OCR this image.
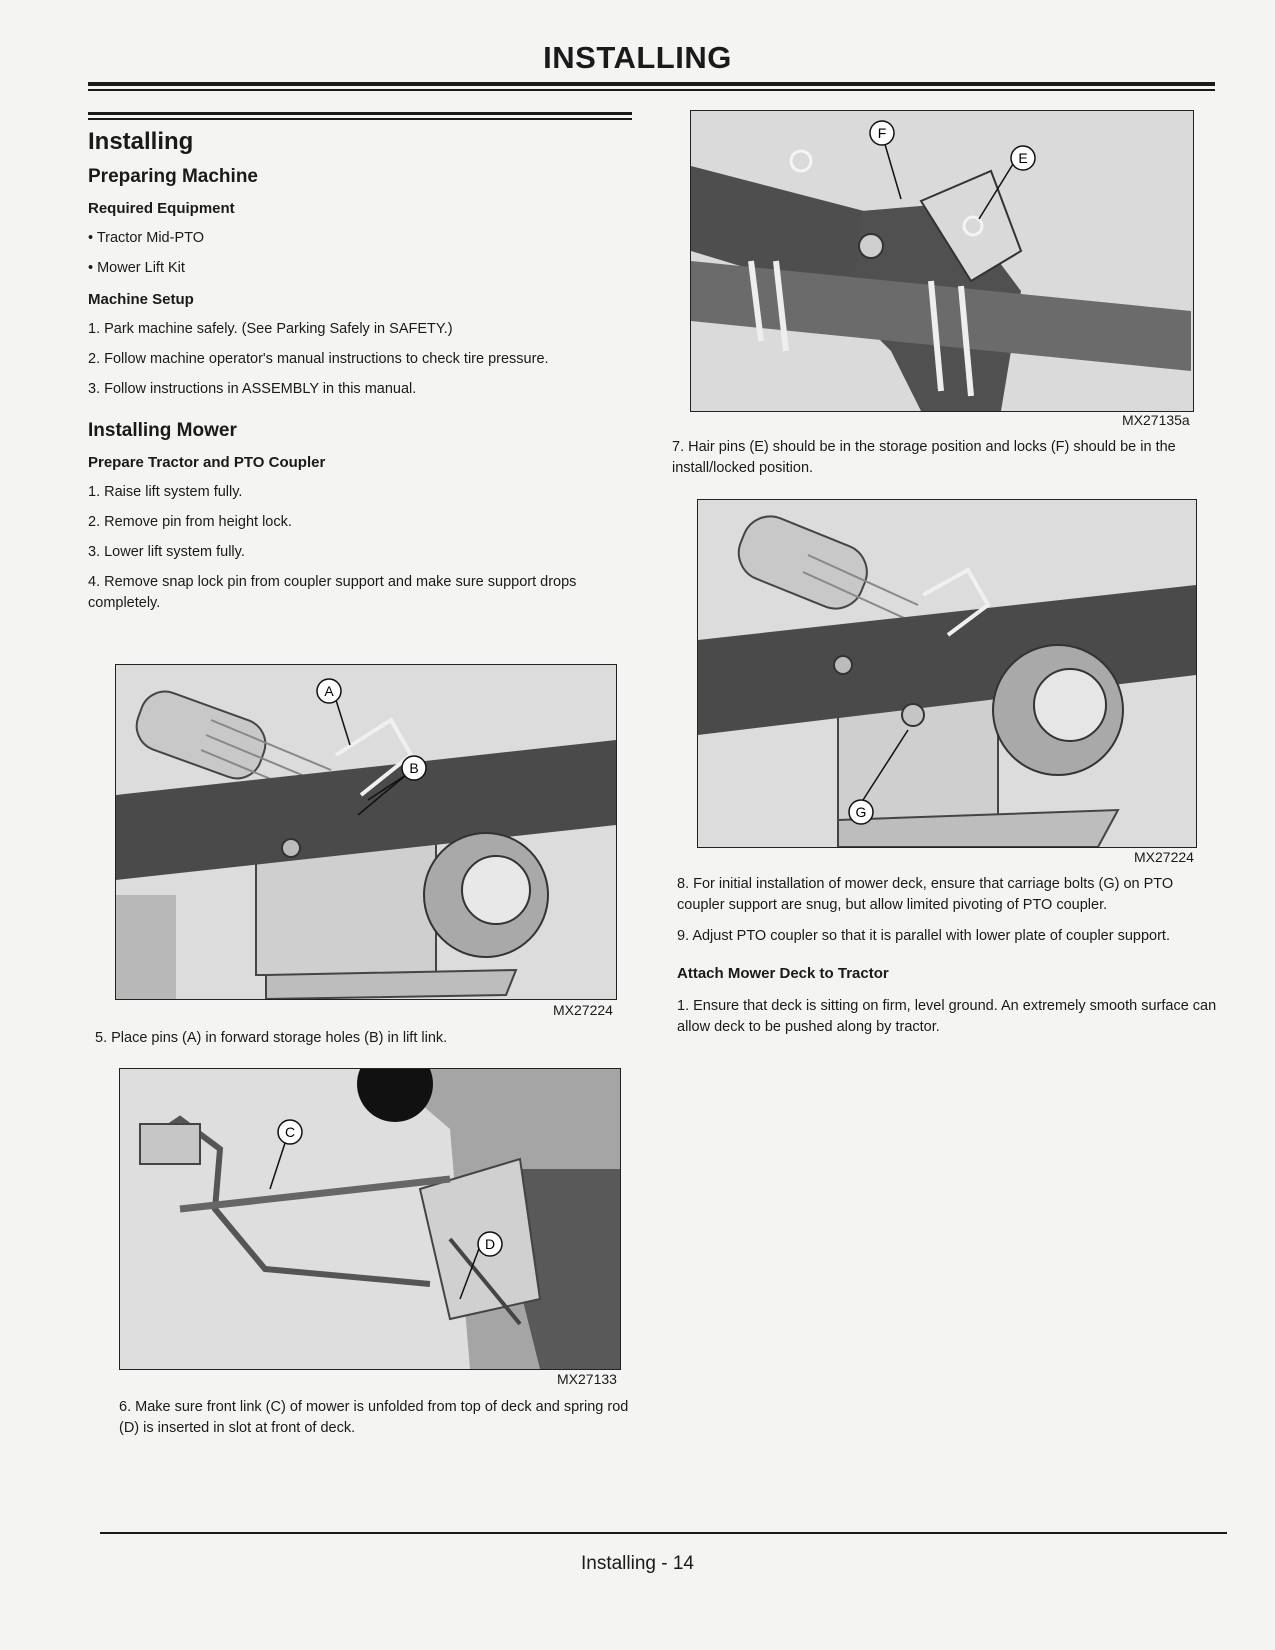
INSTALLING
Installing
Preparing Machine
Required Equipment

• Tractor Mid-PTO

• Mower Lift Kit

Machine Setup

1. Park machine safely. (See Parking Safely in SAFETY.)

2. Follow machine operator's manual instructions to check tire pressure.

3. Follow instructions in ASSEMBLY in this manual.

Installing Mower
Prepare Tractor and PTO Coupler

1. Raise lift system fully.

2. Remove pin from height lock.

3. Lower lift system fully.

4. Remove snap lock pin from coupler support and make sure support drops completely.

A
B
MX27224

5. Place pins (A) in forward storage holes (B) in lift link.

C
D
MX27133

6. Make sure front link (C) of mower is unfolded from top of deck and spring rod (D) is inserted in slot at front of deck.

F
E
MX27135a

7. Hair pins (E) should be in the storage position and locks (F) should be in the install/locked position.

G
MX27224

8. For initial installation of mower deck, ensure that carriage bolts (G) on PTO coupler support are snug, but allow limited pivoting of PTO coupler.

9. Adjust PTO coupler so that it is parallel with lower plate of coupler support.

Attach Mower Deck to Tractor

1. Ensure that deck is sitting on firm, level ground. An extremely smooth surface can allow deck to be pushed along by tractor.

Installing - 14
